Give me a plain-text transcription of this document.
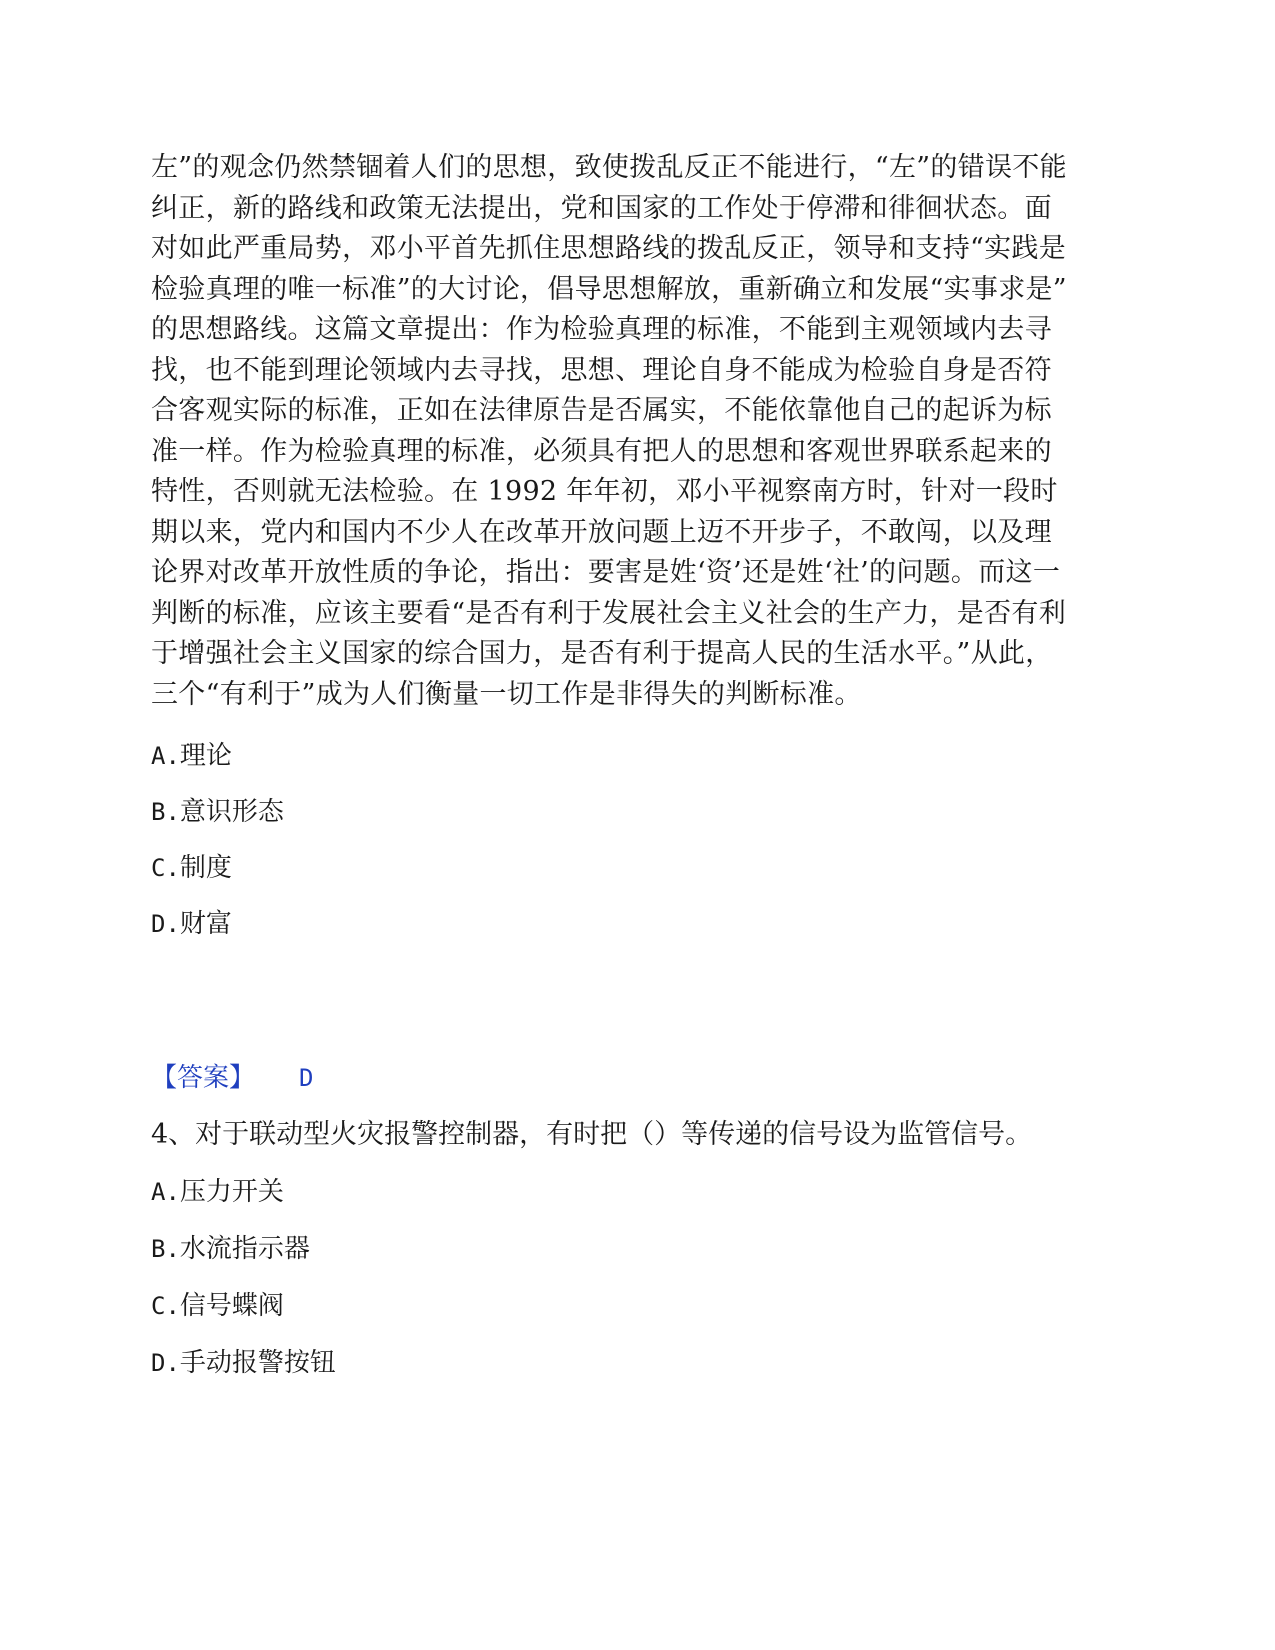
左”的观念仍然禁锢着人们的思想，致使拨乱反正不能进行，“左”的错误不能
纠正，新的路线和政策无法提出，党和国家的工作处于停滞和徘徊状态。面
对如此严重局势，邓小平首先抓住思想路线的拨乱反正，领导和支持“实践是
检验真理的唯一标准”的大讨论，倡导思想解放，重新确立和发展“实事求是”
的思想路线。这篇文章提出：作为检验真理的标准，不能到主观领域内去寻
找，也不能到理论领域内去寻找，思想、理论自身不能成为检验自身是否符
合客观实际的标准，正如在法律原告是否属实，不能依靠他自己的起诉为标
准一样。作为检验真理的标准，必须具有把人的思想和客观世界联系起来的
特性，否则就无法检验。在 1992 年年初，邓小平视察南方时，针对一段时
期以来，党内和国内不少人在改革开放问题上迈不开步子，不敢闯，以及理
论界对改革开放性质的争论，指出：要害是姓‘资’还是姓‘社’的问题。而这一
判断的标准，应该主要看“是否有利于发展社会主义社会的生产力，是否有利
于增强社会主义国家的综合国力，是否有利于提高人民的生活水平。”从此，
三个“有利于”成为人们衡量一切工作是非得失的判断标准。
A.理论
B.意识形态
C.制度
D.财富
【答案】 D
4、对于联动型火灾报警控制器，有时把（）等传递的信号设为监管信号。
A.压力开关
B.水流指示器
C.信号蝶阀
D.手动报警按钮
